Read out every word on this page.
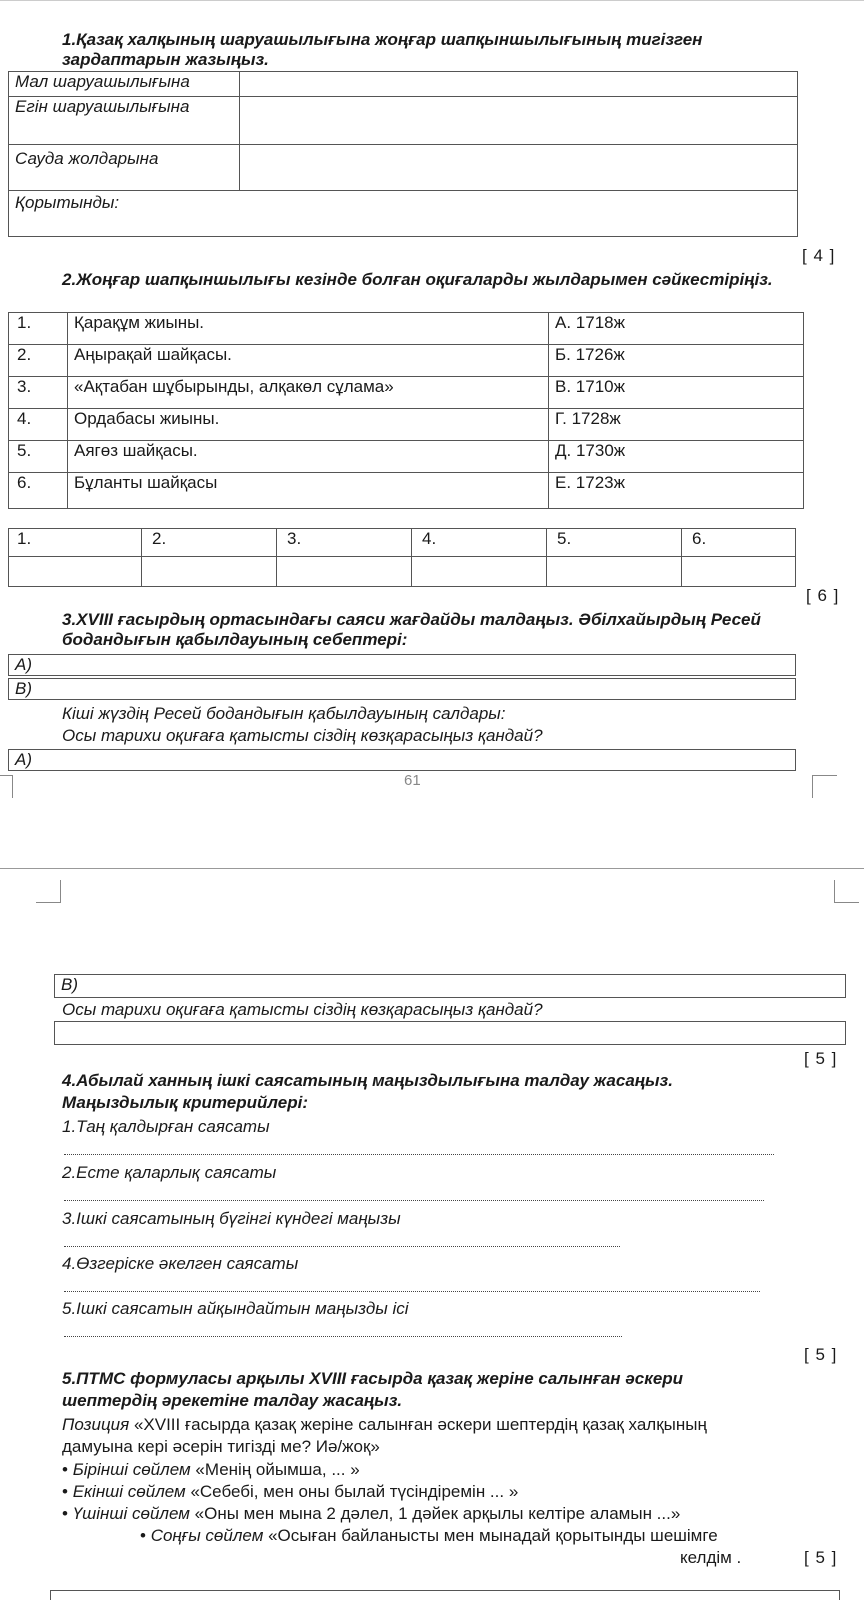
1.Қазақ халқының шаруашылығына жоңғар шапқыншылығының тигізген зардаптарын жазыңыз.
Мал шаруашылығына	
Егін шаруашылығына	
Сауда жолдарына	
Қорытынды:	
[ 4 ]
2.Жоңғар шапқыншылығы кезінде болған оқиғаларды жылдарымен сәйкестіріңіз.
1.	Қарақұм жиыны.	А. 1718ж
2.	Аңырақай шайқасы.	Б. 1726ж
3.	«Ақтабан шұбырынды, алқакөл сұлама»	В. 1710ж
4.	Ордабасы жиыны.	Г. 1728ж
5.	Аягөз шайқасы.	Д. 1730ж
6.	Бұланты шайқасы	Е. 1723ж
1.	2.	3.	4.	5.	6.

[ 6 ]
3.XVIII ғасырдың ортасындағы саяси жағдайды талдаңыз. Әбілхайырдың Ресей бодандығын қабылдауының себептері:
А)
В)
Кіші жүздің Ресей бодандығын қабылдауының салдары:
Осы тарихи оқиғаға қатысты сіздің көзқарасыңыз қандай?
А)
61
В)
Осы тарихи оқиғаға қатысты сіздің көзқарасыңыз қандай?
[ 5 ]
4.Абылай ханның ішкі саясатының маңыздылығына талдау жасаңыз.
Маңыздылық критерийлері:
1.Таң қалдырған саясаты
2.Есте қаларлық саясаты
3.Ішкі саясатының бүгінгі күндегі маңызы
4.Өзгеріске әкелген саясаты
5.Ішкі саясатын айқындайтын маңызды ісі
[ 5 ]
5.ПТМС формуласы арқылы XVIII ғасырда қазақ жеріне салынған әскери шептердің әрекетіне талдау жасаңыз.
Позиция «XVIII ғасырда қазақ жеріне салынған әскери шептердің қазақ халқының дамуына кері әсерін тигізді ме? Иә/жоқ»
• Бірінші сөйлем «Менің ойымша, ... »
• Екінші сөйлем «Себебі, мен оны былай түсіндіремін ... »
• Үшінші сөйлем «Оны мен мына 2 дәлел, 1 дәйек арқылы келтіре аламын ...»
• Соңғы сөйлем «Осыған байланысты мен мынадай қорытынды шешімге
келдім .	[ 5 ]
